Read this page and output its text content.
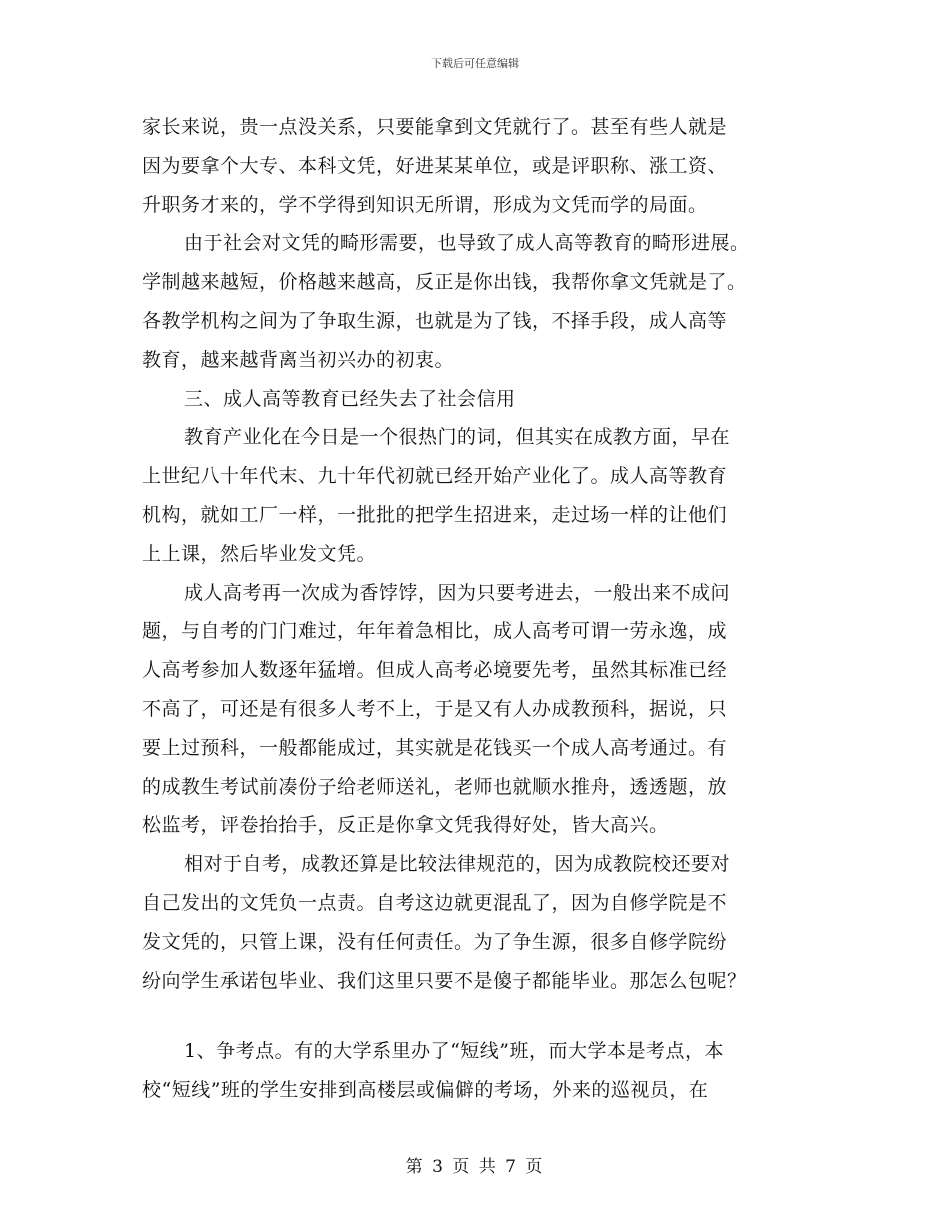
下载后可任意编辑
家长来说，贵一点没关系，只要能拿到文凭就行了。甚至有些人就是
因为要拿个大专、本科文凭，好进某某单位，或是评职称、涨工资、
升职务才来的，学不学得到知识无所谓，形成为文凭而学的局面。
由于社会对文凭的畸形需要，也导致了成人高等教育的畸形进展。
学制越来越短，价格越来越高，反正是你出钱，我帮你拿文凭就是了。
各教学机构之间为了争取生源，也就是为了钱，不择手段，成人高等
教育，越来越背离当初兴办的初衷。
三、成人高等教育已经失去了社会信用
教育产业化在今日是一个很热门的词，但其实在成教方面，早在
上世纪八十年代末、九十年代初就已经开始产业化了。成人高等教育
机构，就如工厂一样，一批批的把学生招进来，走过场一样的让他们
上上课，然后毕业发文凭。
成人高考再一次成为香饽饽，因为只要考进去，一般出来不成问
题，与自考的门门难过，年年着急相比，成人高考可谓一劳永逸，成
人高考参加人数逐年猛增。但成人高考必境要先考，虽然其标准已经
不高了，可还是有很多人考不上，于是又有人办成教预科，据说，只
要上过预科，一般都能成过，其实就是花钱买一个成人高考通过。有
的成教生考试前凑份子给老师送礼，老师也就顺水推舟，透透题，放
松监考，评卷抬抬手，反正是你拿文凭我得好处，皆大高兴。
相对于自考，成教还算是比较法律规范的，因为成教院校还要对
自己发出的文凭负一点责。自考这边就更混乱了，因为自修学院是不
发文凭的，只管上课，没有任何责任。为了争生源，很多自修学院纷
纷向学生承诺包毕业、我们这里只要不是傻子都能毕业。那怎么包呢？
1、争考点。有的大学系里办了“短线”班，而大学本是考点，本
校“短线”班的学生安排到高楼层或偏僻的考场，外来的巡视员，在
第 3 页 共 7 页
